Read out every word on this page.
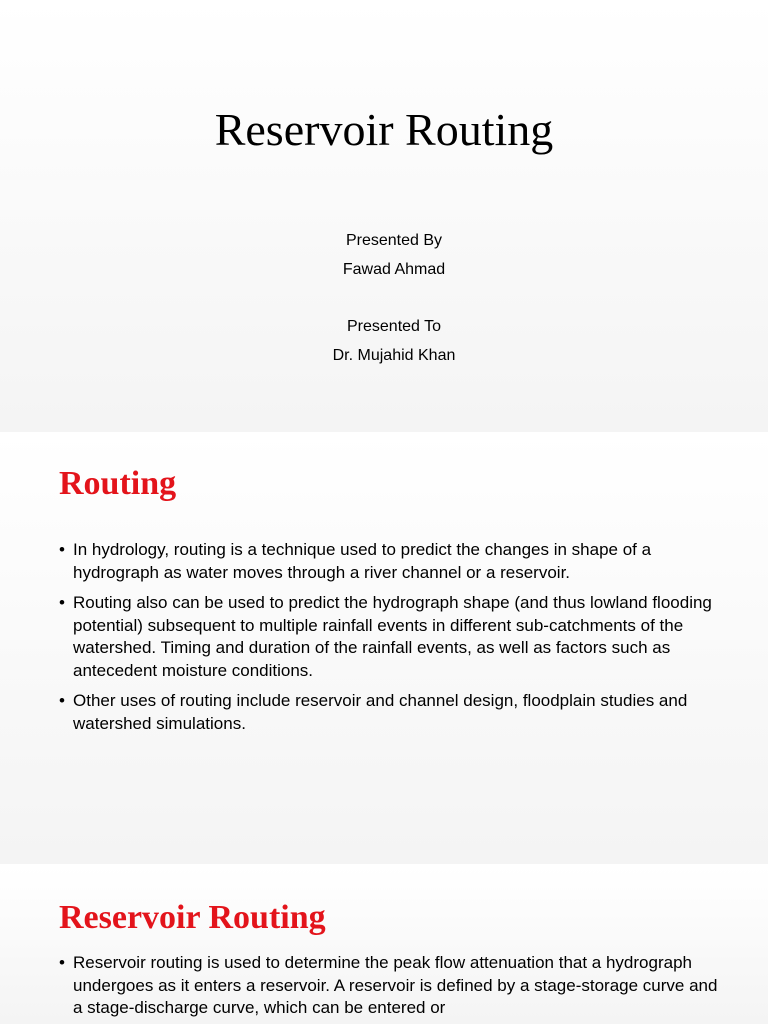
Reservoir Routing
Presented By
Fawad Ahmad
Presented To
Dr. Mujahid Khan
Routing
• In hydrology, routing is a technique used to predict the changes in shape of a hydrograph as water moves through a river channel or a reservoir.
• Routing also can be used to predict the hydrograph shape (and thus lowland flooding potential) subsequent to multiple rainfall events in different sub-catchments of the watershed. Timing and duration of the rainfall events, as well as factors such as antecedent moisture conditions.
• Other uses of routing include reservoir and channel design, floodplain studies and watershed simulations.
Reservoir Routing
• Reservoir routing is used to determine the peak flow attenuation that a hydrograph undergoes as it enters a reservoir. A reservoir is defined by a stage-storage curve and a stage-discharge curve, which can be entered or
